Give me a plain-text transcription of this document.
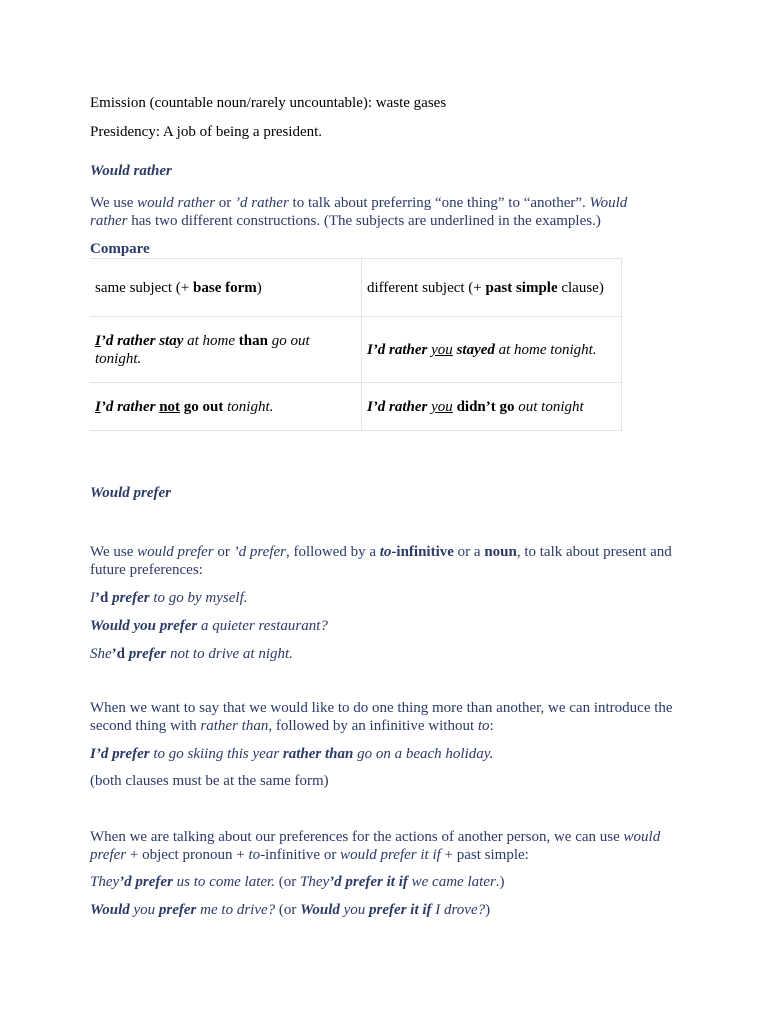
Emission (countable noun/rarely uncountable): waste gases
Presidency: A job of being a president.
Would rather
We use would rather or ’d rather to talk about preferring “one thing” to “another”. Would rather has two different constructions. (The subjects are underlined in the examples.)
Compare
same subject (+ base form)	different subject (+ past simple clause)
I’d rather stay at home than go out tonight.	I’d rather you stayed at home tonight.
I’d rather not go out tonight.	I’d rather you didn’t go out tonight
Would prefer
We use would prefer or ’d prefer, followed by a to-infinitive or a noun, to talk about present and future preferences:
I’d prefer to go by myself.
Would you prefer a quieter restaurant?
She’d prefer not to drive at night.
When we want to say that we would like to do one thing more than another, we can introduce the second thing with rather than, followed by an infinitive without to:
I’d prefer to go skiing this year rather than go on a beach holiday.
(both clauses must be at the same form)
When we are talking about our preferences for the actions of another person, we can use would prefer + object pronoun + to-infinitive or would prefer it if + past simple:
They’d prefer us to come later. (or They’d prefer it if we came later.)
Would you prefer me to drive? (or Would you prefer it if I drove?)
